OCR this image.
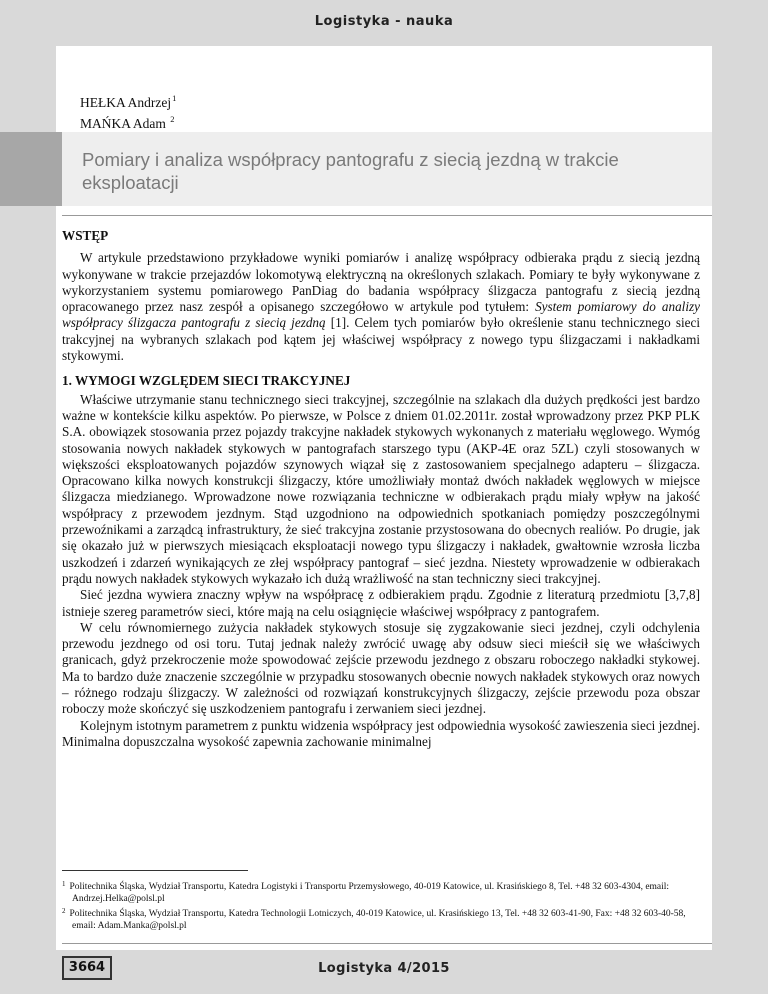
Logistyka - nauka
HEŁKA Andrzej$^1$
MAŃKA Adam $^2$
Pomiary i analiza współpracy pantografu z siecią jezdną w trakcie eksploatacji
WSTĘP

W artykule przedstawiono przykładowe wyniki pomiarów i analizę współpracy odbieraka prądu z siecią jezdną wykonywane w trakcie przejazdów lokomotywą elektryczną na określonych szlakach. Pomiary te były wykonywane z wykorzystaniem systemu pomiarowego PanDiag do badania współpracy ślizgacza pantografu z siecią jezdną opracowanego przez nasz zespół a opisanego szczegółowo w artykule pod tytułem: System pomiarowy do analizy współpracy ślizgacza pantografu z siecią jezdną [1]. Celem tych pomiarów było określenie stanu technicznego sieci trakcyjnej na wybranych szlakach pod kątem jej właściwej współpracy z nowego typu ślizgaczami i nakładkami stykowymi.

1. WYMOGI WZGLĘDEM SIECI TRAKCYJNEJ

Właściwe utrzymanie stanu technicznego sieci trakcyjnej, szczególnie na szlakach dla dużych prędkości jest bardzo ważne w kontekście kilku aspektów. Po pierwsze, w Polsce z dniem 01.02.2011r. został wprowadzony przez PKP PLK S.A. obowiązek stosowania przez pojazdy trakcyjne nakładek stykowych wykonanych z materiału węglowego. Wymóg stosowania nowych nakładek stykowych w pantografach starszego typu (AKP-4E oraz 5ZL) czyli stosowanych w większości eksploatowanych pojazdów szynowych wiązał się z zastosowaniem specjalnego adapteru – ślizgacza. Opracowano kilka nowych konstrukcji ślizgaczy, które umożliwiały montaż dwóch nakładek węglowych w miejsce ślizgacza miedzianego. Wprowadzone nowe rozwiązania techniczne w odbierakach prądu miały wpływ na jakość współpracy z przewodem jezdnym. Stąd uzgodniono na odpowiednich spotkaniach pomiędzy poszczególnymi przewoźnikami a zarządcą infrastruktury, że sieć trakcyjna zostanie przystosowana do obecnych realiów. Po drugie, jak się okazało już w pierwszych miesiącach eksploatacji nowego typu ślizgaczy i nakładek, gwałtownie wzrosła liczba uszkodzeń i zdarzeń wynikających ze złej współpracy pantograf – sieć jezdna. Niestety wprowadzenie w odbierakach prądu nowych nakładek stykowych wykazało ich dużą wrażliwość na stan techniczny sieci trakcyjnej.

Sieć jezdna wywiera znaczny wpływ na współpracę z odbierakiem prądu. Zgodnie z literaturą przedmiotu [3,7,8] istnieje szereg parametrów sieci, które mają na celu osiągnięcie właściwej współpracy z pantografem.

W celu równomiernego zużycia nakładek stykowych stosuje się zygzakowanie sieci jezdnej, czyli odchylenia przewodu jezdnego od osi toru. Tutaj jednak należy zwrócić uwagę aby odsuw sieci mieścił się we właściwych granicach, gdyż przekroczenie może spowodować zejście przewodu jezdnego z obszaru roboczego nakładki stykowej. Ma to bardzo duże znaczenie szczególnie w przypadku stosowanych obecnie nowych nakładek stykowych oraz nowych – różnego rodzaju ślizgaczy. W zależności od rozwiązań konstrukcyjnych ślizgaczy, zejście przewodu poza obszar roboczy może skończyć się uszkodzeniem pantografu i zerwaniem sieci jezdnej.

Kolejnym istotnym parametrem z punktu widzenia współpracy jest odpowiednia wysokość zawieszenia sieci jezdnej. Minimalna dopuszczalna wysokość zapewnia zachowanie minimalnej

$^1$ Politechnika Śląska, Wydział Transportu, Katedra Logistyki i Transportu Przemysłowego, 40-019 Katowice, ul. Krasińskiego 8, Tel. +48 32 603-4304, email: Andrzej.Helka@polsl.pl

$^2$ Politechnika Śląska, Wydział Transportu, Katedra Technologii Lotniczych, 40-019 Katowice, ul. Krasińskiego 13, Tel. +48 32 603-41-90, Fax: +48 32 603-40-58, email: Adam.Manka@polsl.pl

3664	Logistyka 4/2015
